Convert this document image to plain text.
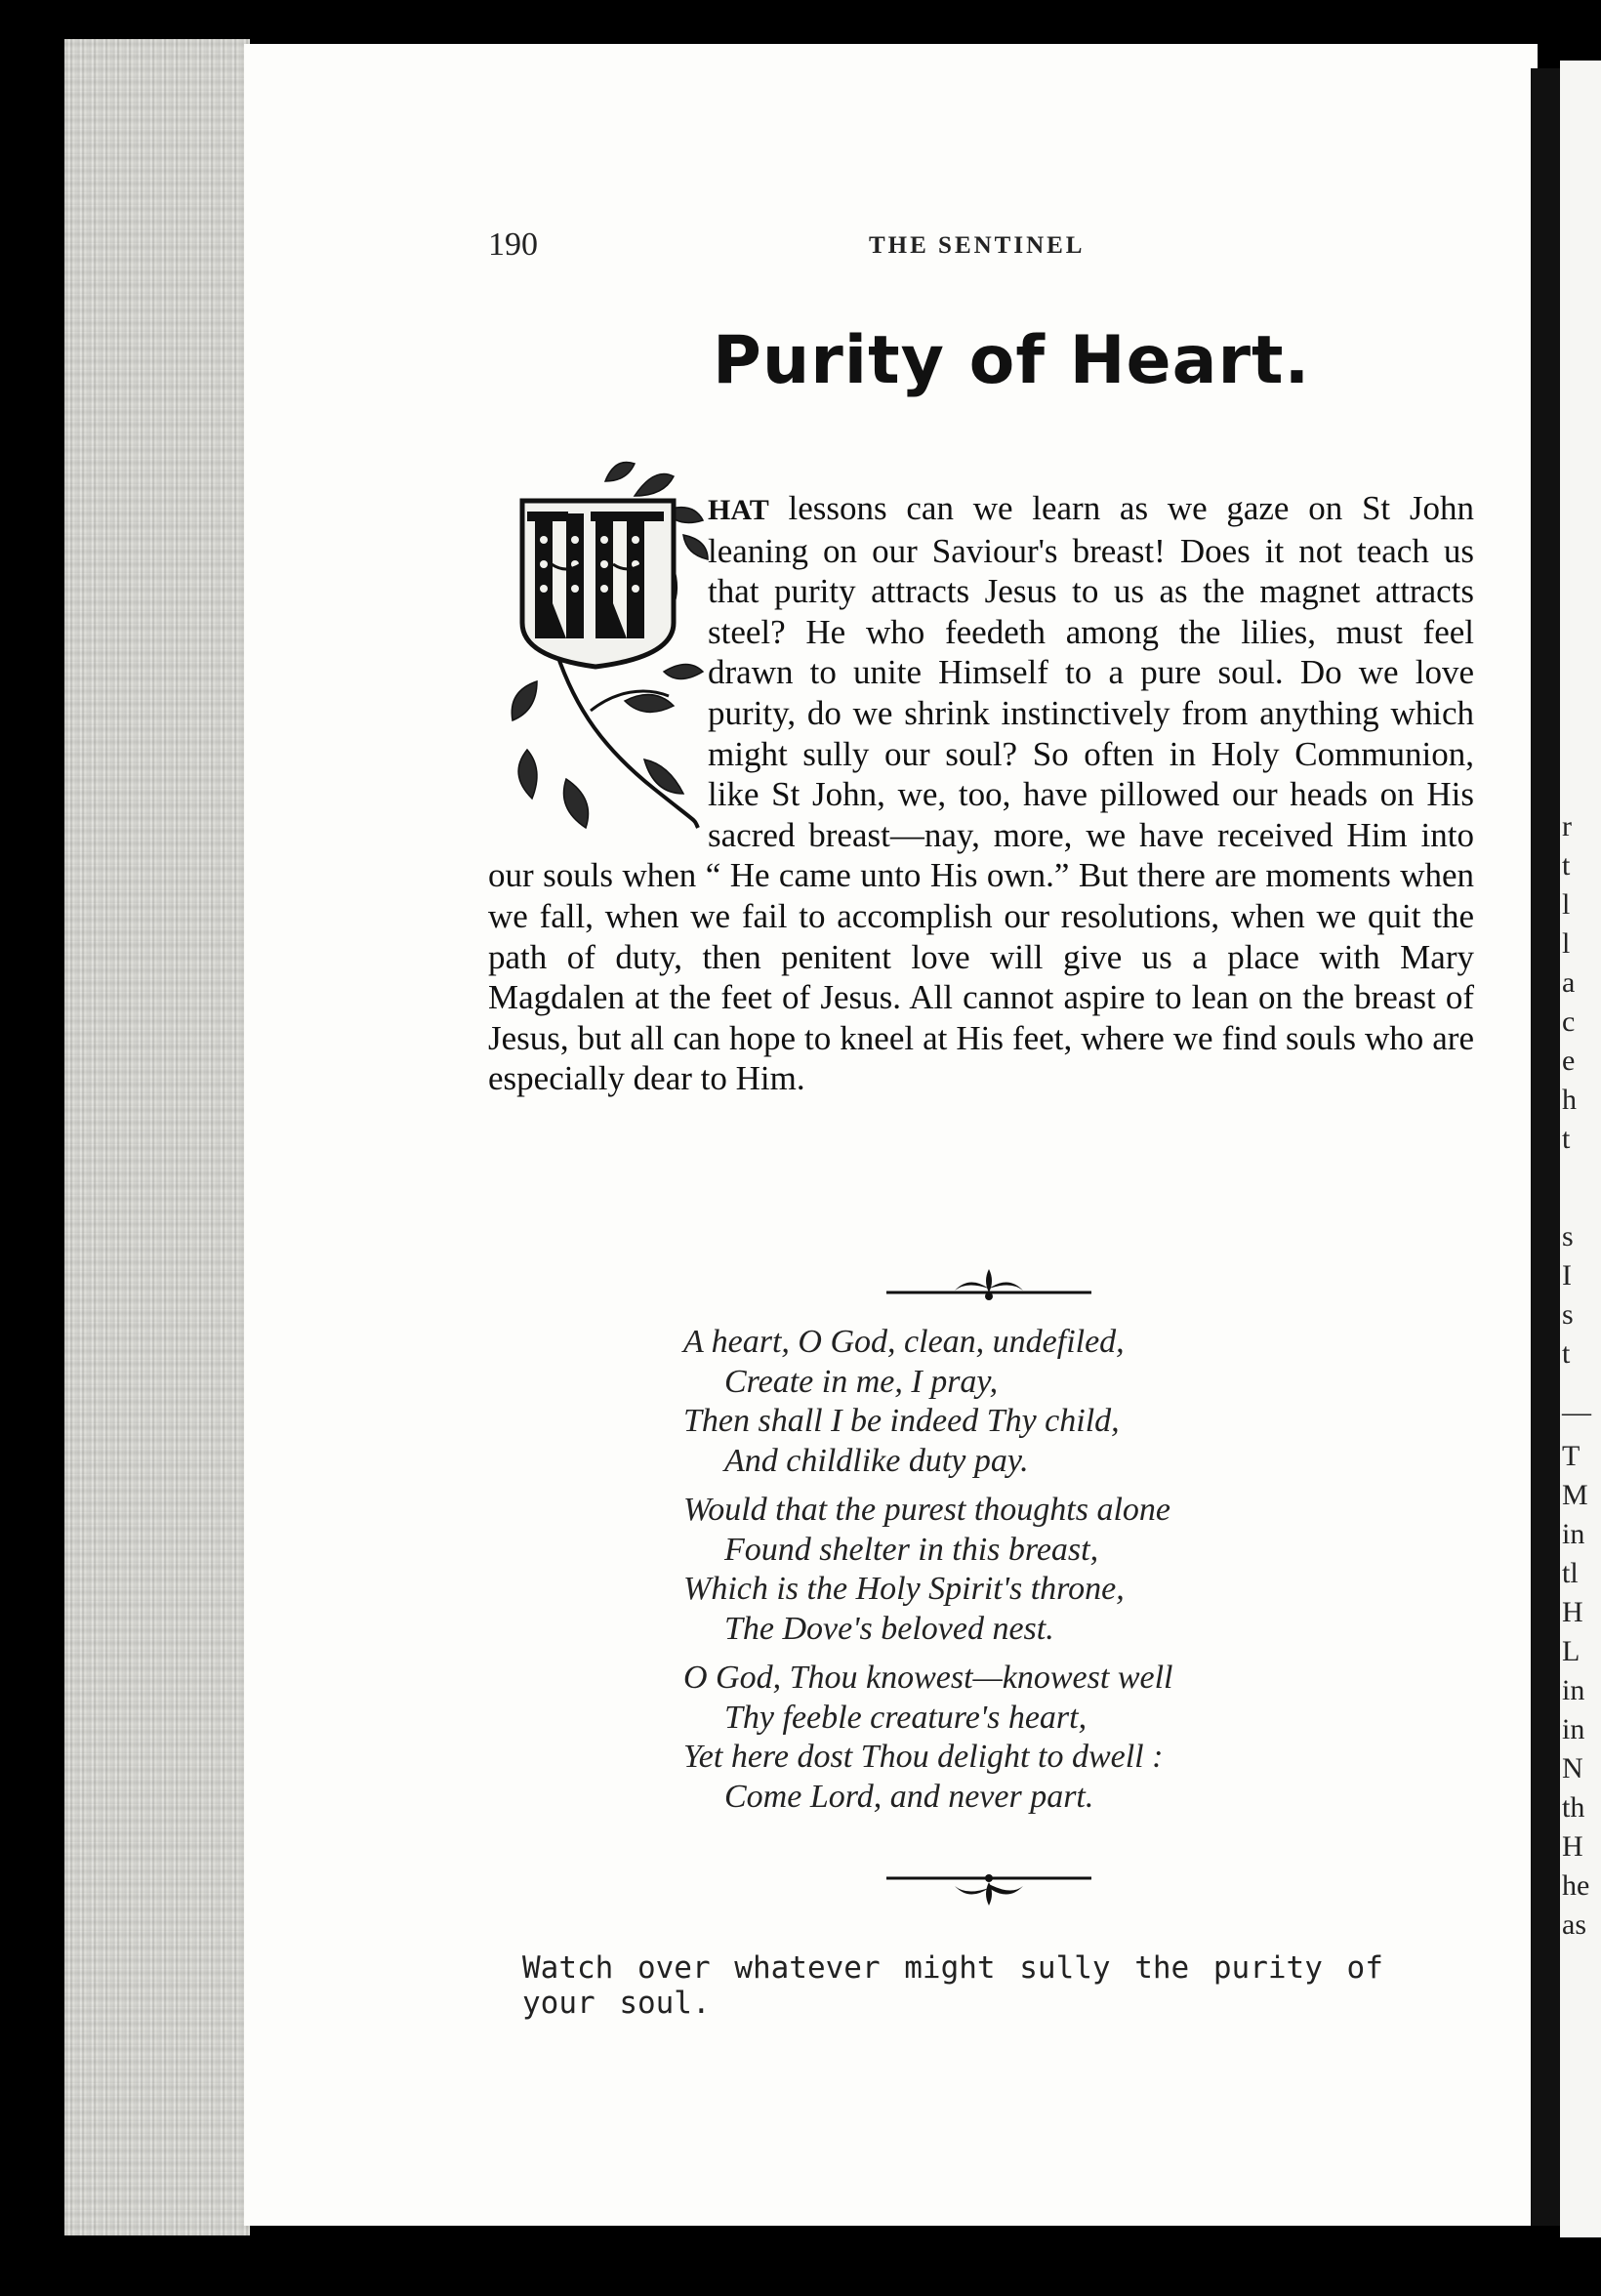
r
t
l
l
a
c
e
h
t
s
I
s
t
—
T
M
in
tl
H
L
in
in
N
th
H
he
as
190	THE SENTINEL
Purity of Heart.

HAT lessons can we learn as we gaze on St John leaning on our Saviour's breast! Does it not teach us that purity attracts Jesus to us as the magnet attracts steel? He who feedeth among the lilies, must feel drawn to unite Himself to a pure soul. Do we love purity, do we shrink instinctively from anything which might sully our soul? So often in Holy Communion, like St John, we, too, have pillowed our heads on His sacred breast—nay, more, we have received Him into our souls when “ He came unto His own.” But there are moments when we fall, when we fail to accomplish our resolutions, when we quit the path of duty, then penitent love will give us a place with Mary Magdalen at the feet of Jesus. All cannot aspire to lean on the breast of Jesus, but all can hope to kneel at His feet, where we find souls who are especially dear to Him.

A heart, O God, clean, undefiled,
Create in me, I pray,
Then shall I be indeed Thy child,
And childlike duty pay.
Would that the purest thoughts alone
Found shelter in this breast,
Which is the Holy Spirit's throne,
The Dove's beloved nest.
O God, Thou knowest—knowest well
Thy feeble creature's heart,
Yet here dost Thou delight to dwell :
Come Lord, and never part.
Watch over whatever might sully the purity of your soul.
